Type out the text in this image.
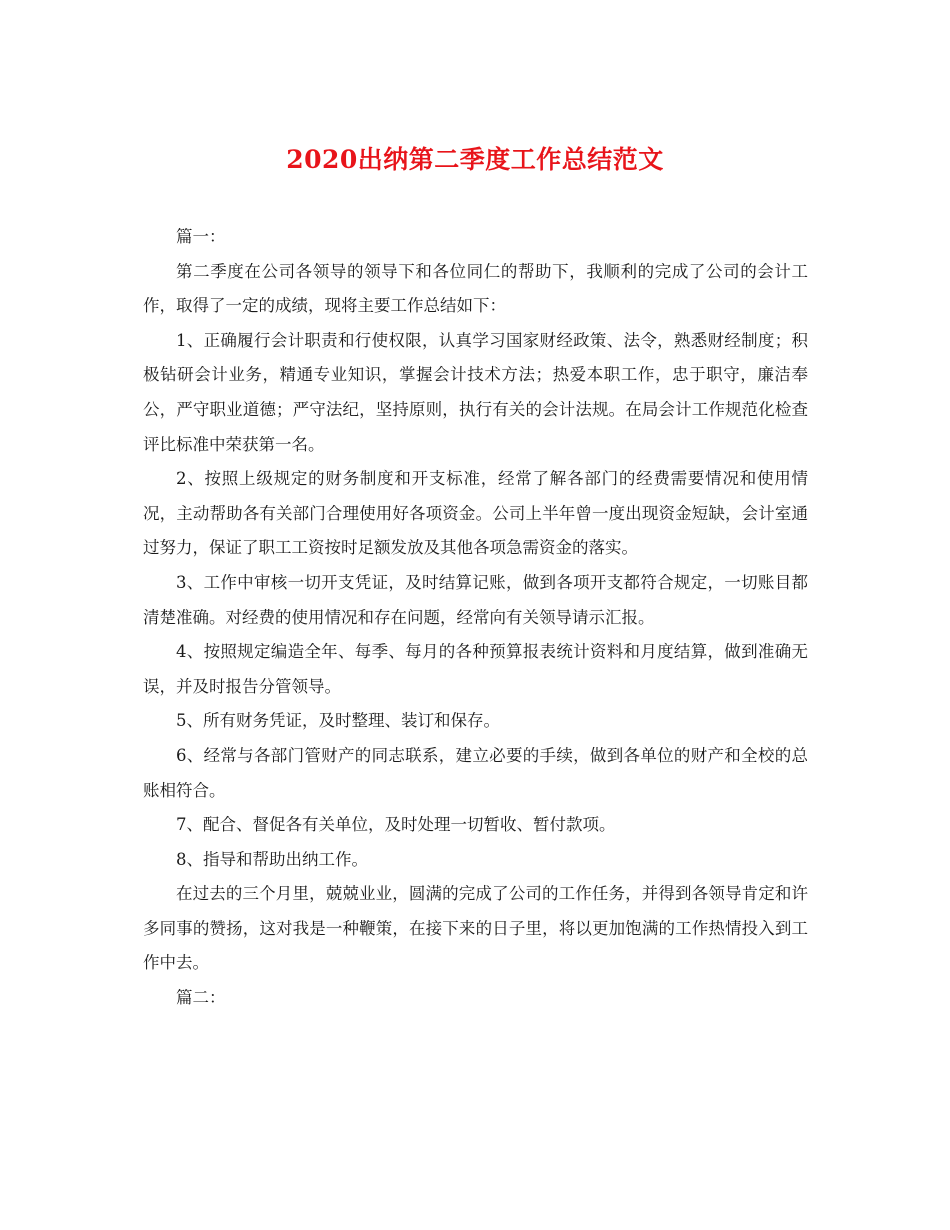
2020出纳第二季度工作总结范文

篇一：

第二季度在公司各领导的领导下和各位同仁的帮助下，我顺利的完成了公司的会计工作，取得了一定的成绩，现将主要工作总结如下：

1、正确履行会计职责和行使权限，认真学习国家财经政策、法令，熟悉财经制度；积极钻研会计业务，精通专业知识，掌握会计技术方法；热爱本职工作，忠于职守，廉洁奉公，严守职业道德；严守法纪，坚持原则，执行有关的会计法规。在局会计工作规范化检查评比标准中荣获第一名。

2、按照上级规定的财务制度和开支标准，经常了解各部门的经费需要情况和使用情况，主动帮助各有关部门合理使用好各项资金。公司上半年曾一度出现资金短缺，会计室通过努力，保证了职工工资按时足额发放及其他各项急需资金的落实。

3、工作中审核一切开支凭证，及时结算记账，做到各项开支都符合规定，一切账目都清楚准确。对经费的使用情况和存在问题，经常向有关领导请示汇报。

4、按照规定编造全年、每季、每月的各种预算报表统计资料和月度结算，做到准确无误，并及时报告分管领导。

5、所有财务凭证，及时整理、装订和保存。

6、经常与各部门管财产的同志联系，建立必要的手续，做到各单位的财产和全校的总账相符合。

7、配合、督促各有关单位，及时处理一切暂收、暂付款项。

8、指导和帮助出纳工作。

在过去的三个月里，兢兢业业，圆满的完成了公司的工作任务，并得到各领导肯定和许多同事的赞扬，这对我是一种鞭策，在接下来的日子里，将以更加饱满的工作热情投入到工作中去。

篇二：
